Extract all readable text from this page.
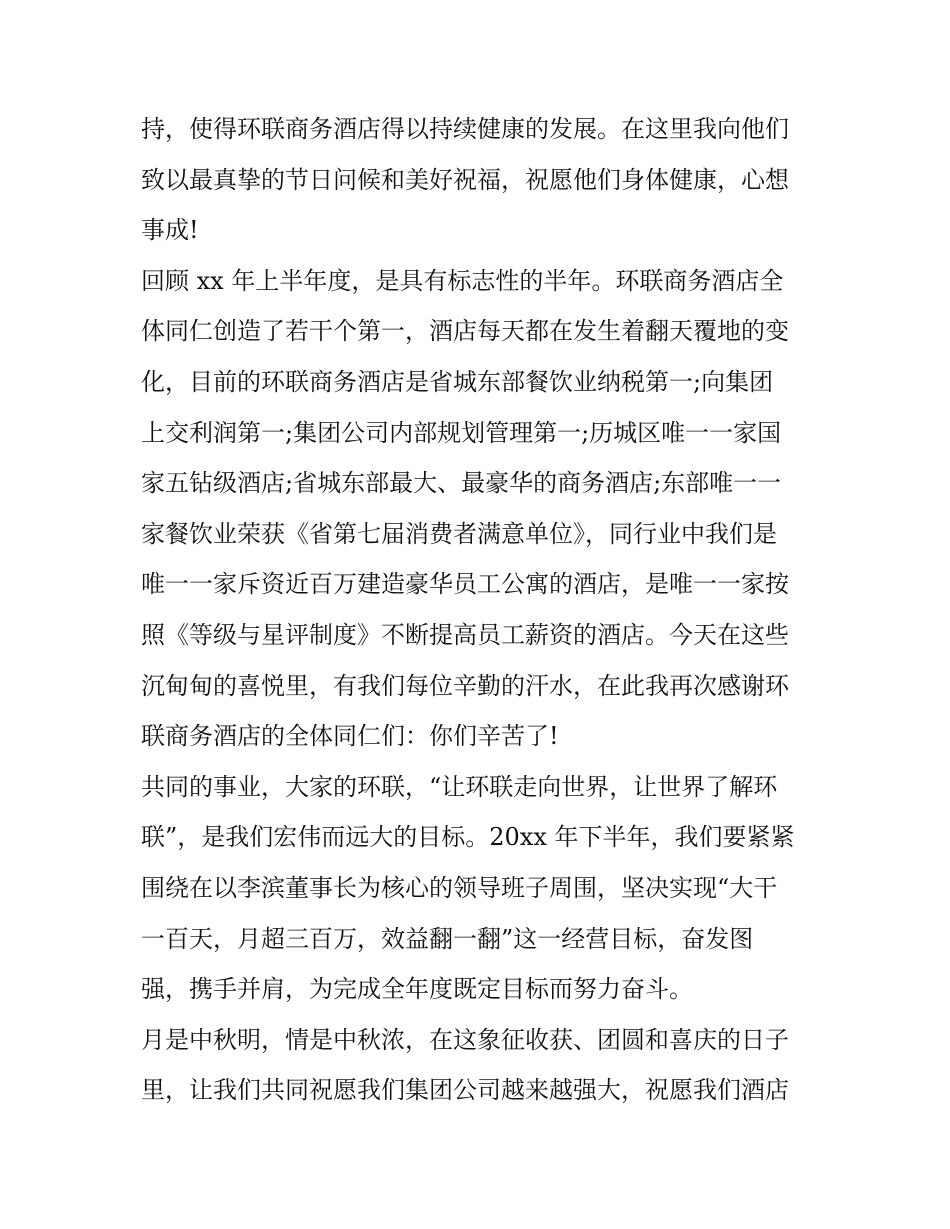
持，使得环联商务酒店得以持续健康的发展。在这里我向他们
致以最真挚的节日问候和美好祝福，祝愿他们身体健康，心想
事成!
回顾 xx 年上半年度，是具有标志性的半年。环联商务酒店全
体同仁创造了若干个第一，酒店每天都在发生着翻天覆地的变
化，目前的环联商务酒店是省城东部餐饮业纳税第一;向集团
上交利润第一;集团公司内部规划管理第一;历城区唯一一家国
家五钻级酒店;省城东部最大、最豪华的商务酒店;东部唯一一
家餐饮业荣获《省第七届消费者满意单位》，同行业中我们是
唯一一家斥资近百万建造豪华员工公寓的酒店，是唯一一家按
照《等级与星评制度》不断提高员工薪资的酒店。今天在这些
沉甸甸的喜悦里，有我们每位辛勤的汗水，在此我再次感谢环
联商务酒店的全体同仁们：你们辛苦了!
共同的事业，大家的环联，“让环联走向世界，让世界了解环
联”，是我们宏伟而远大的目标。20xx 年下半年，我们要紧紧
围绕在以李滨董事长为核心的领导班子周围，坚决实现“大干
一百天，月超三百万，效益翻一翻”这一经营目标，奋发图
强，携手并肩，为完成全年度既定目标而努力奋斗。
月是中秋明，情是中秋浓，在这象征收获、团圆和喜庆的日子
里，让我们共同祝愿我们集团公司越来越强大，祝愿我们酒店
